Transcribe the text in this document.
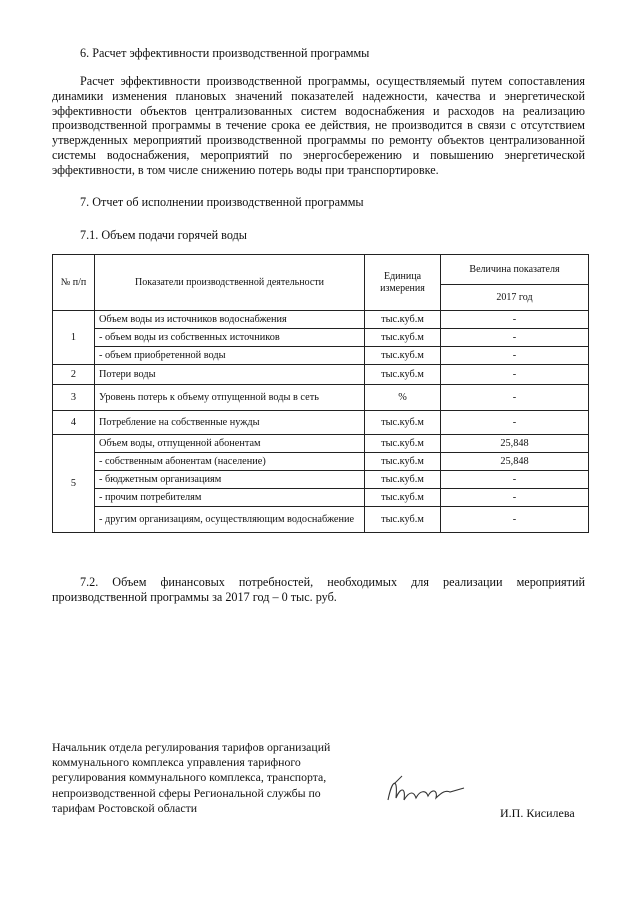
6. Расчет эффективности производственной программы
Расчет эффективности производственной программы, осуществляемый путем сопоставления динамики изменения плановых значений показателей надежности, качества и энергетической эффективности объектов централизованных систем водоснабжения и расходов на реализацию производственной программы в течение срока ее действия, не производится в связи с отсутствием утвержденных мероприятий производственной программы по ремонту объектов централизованной системы водоснабжения, мероприятий по энергосбережению и повышению энергетической эффективности, в том числе снижению потерь воды при транспортировке.
7. Отчет об исполнении производственной программы
7.1. Объем подачи горячей воды
№ п/п	Показатели производственной деятельности	Единица измерения	Величина показателя
			2017 год
1	Объем воды из источников водоснабжения	тыс.куб.м	-
	- объем воды из собственных источников	тыс.куб.м	-
	- объем приобретенной воды	тыс.куб.м	-
2	Потери воды	тыс.куб.м	-
3	Уровень потерь к объему отпущенной воды в сеть	%	-
4	Потребление на собственные нужды	тыс.куб.м	-
5	Объем воды, отпущенной абонентам	тыс.куб.м	25,848
	- собственным абонентам (население)	тыс.куб.м	25,848
	- бюджетным организациям	тыс.куб.м	-
	- прочим потребителям	тыс.куб.м	-
	- другим организациям, осуществляющим водоснабжение	тыс.куб.м	-
7.2. Объем финансовых потребностей, необходимых для реализации мероприятий производственной программы за 2017 год – 0 тыс. руб.
Начальник отдела регулирования тарифов организаций
коммунального комплекса управления тарифного
регулирования коммунального комплекса, транспорта,
непроизводственной сферы Региональной службы по
тарифам Ростовской области	И.П. Кисилева
